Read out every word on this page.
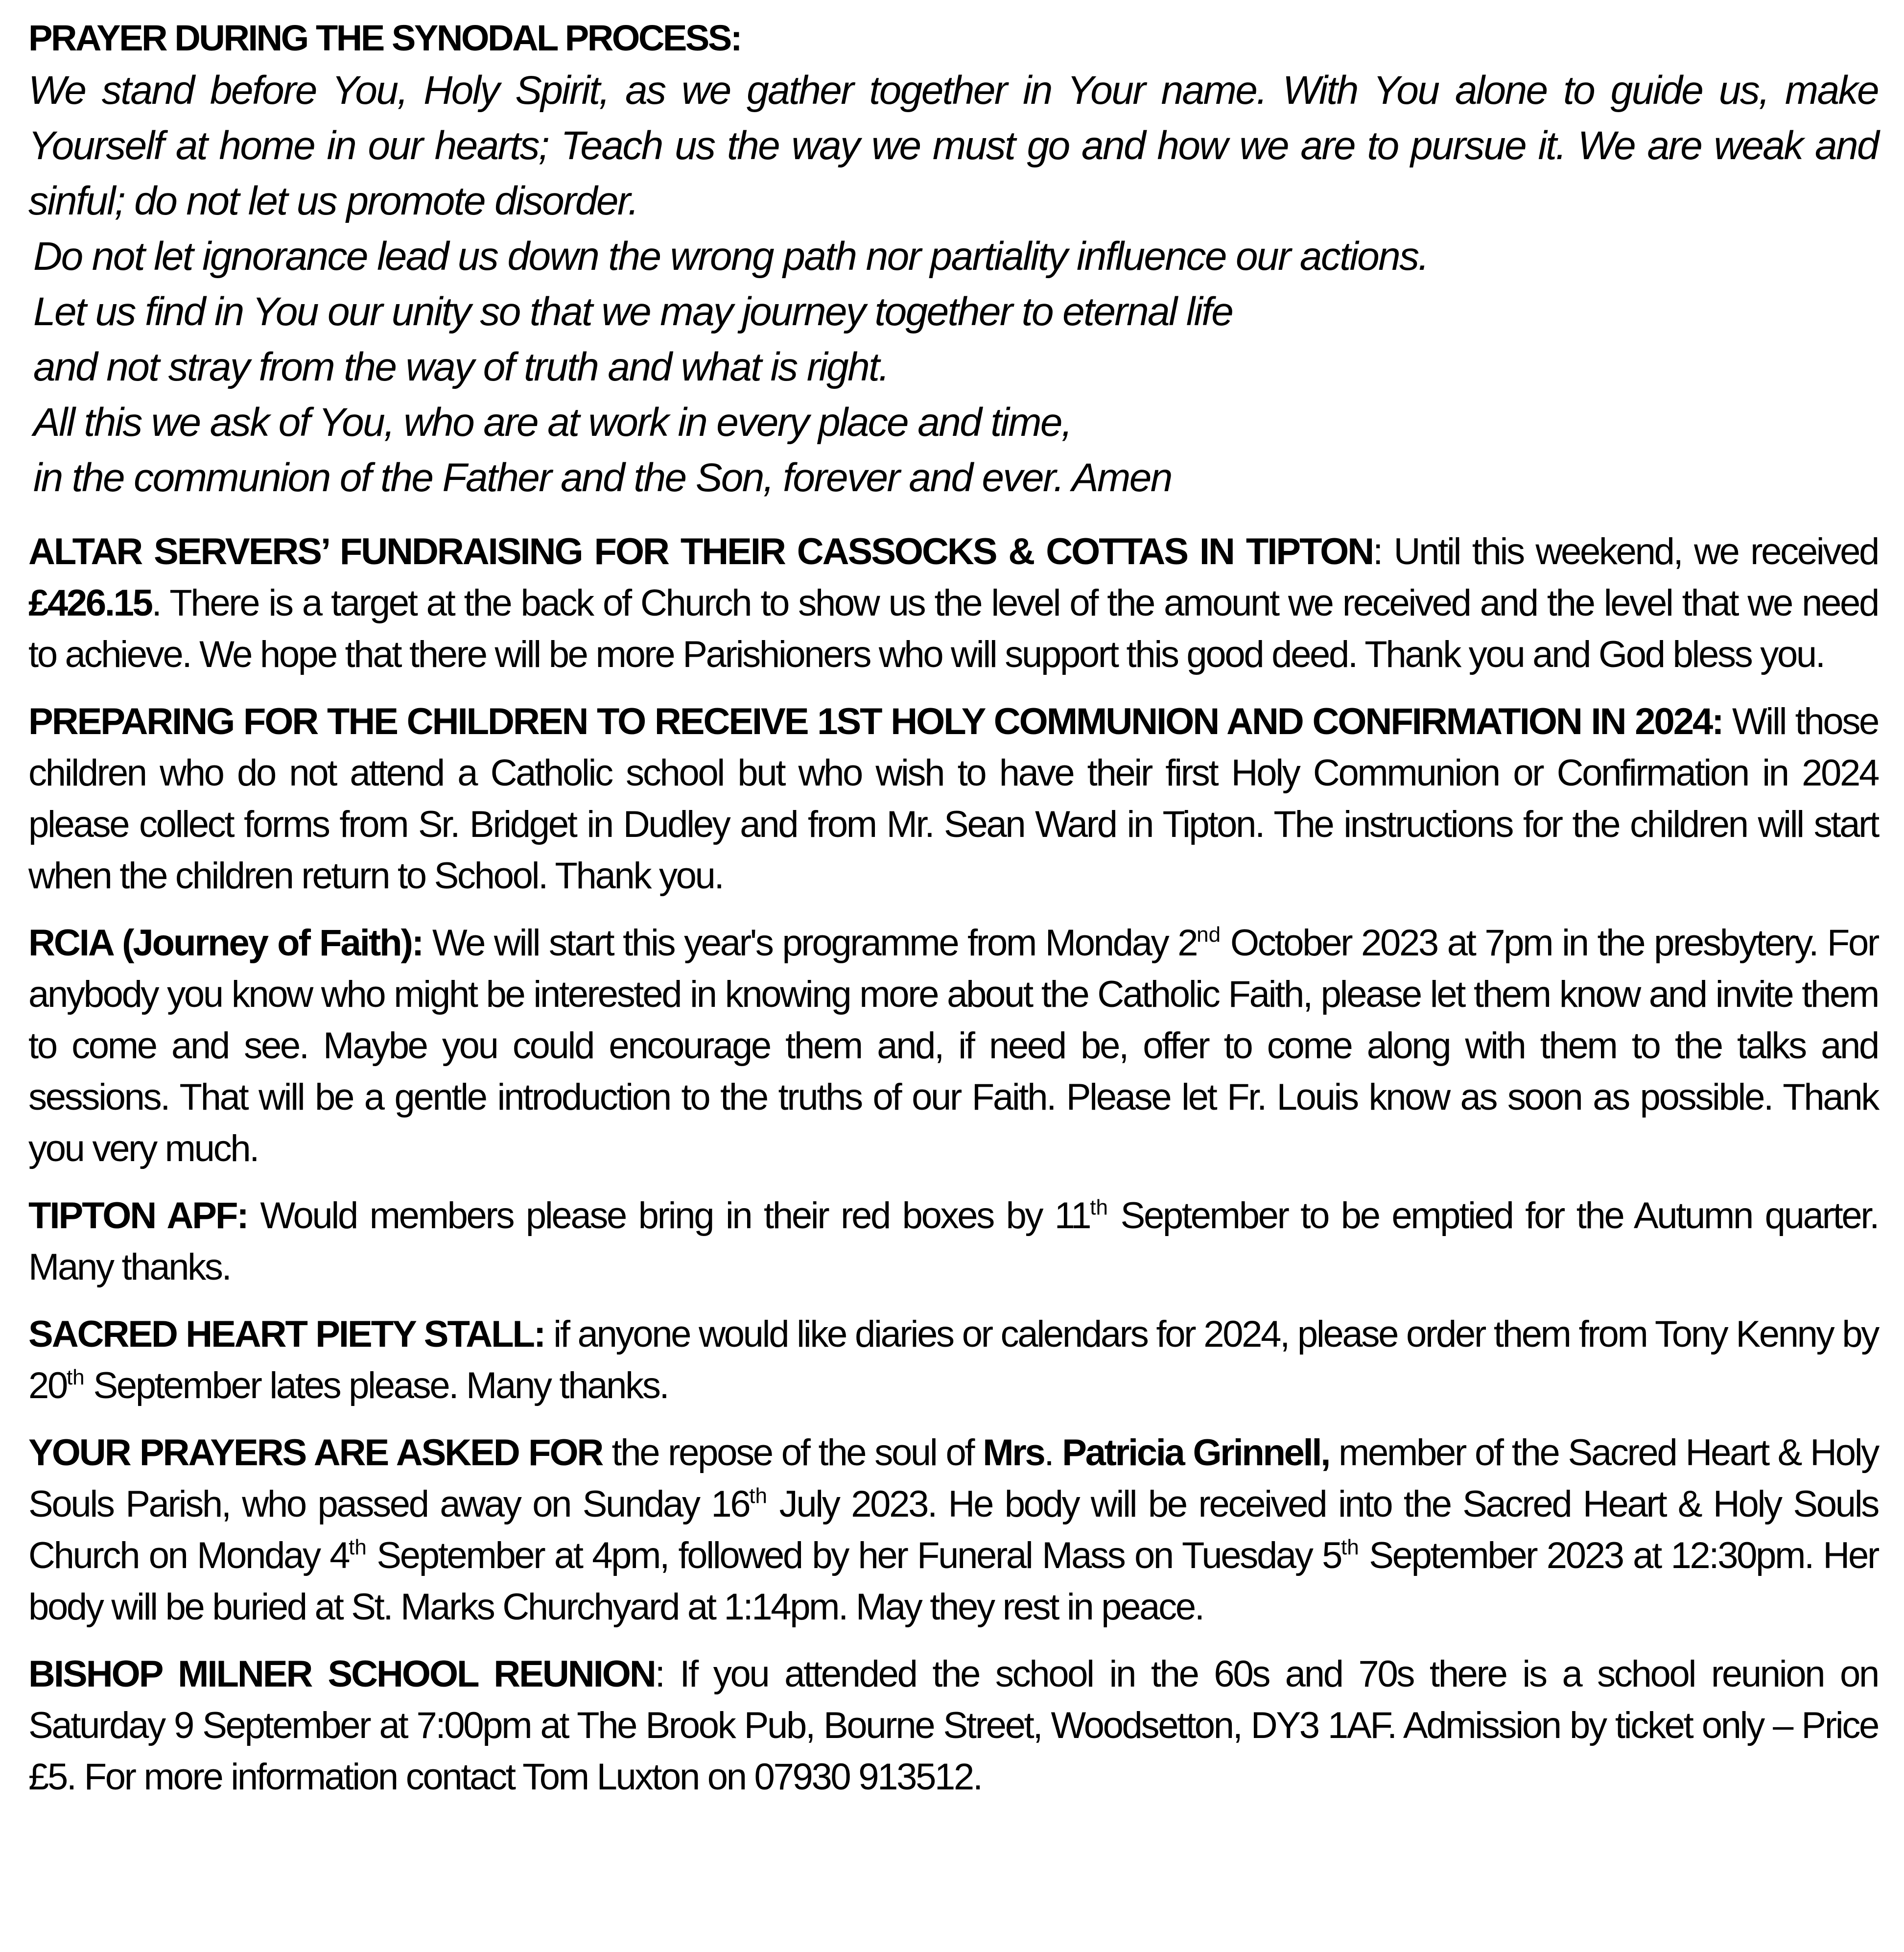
PRAYER DURING THE SYNODAL PROCESS:

We stand before You, Holy Spirit, as we gather together in Your name. With You alone to guide us, make Yourself at home in our hearts; Teach us the way we must go and how we are to pursue it. We are weak and sinful; do not let us promote disorder.

Do not let ignorance lead us down the wrong path nor partiality influence our actions.

Let us find in You our unity so that we may journey together to eternal life

and not stray from the way of truth and what is right.

All this we ask of You, who are at work in every place and time,

in the communion of the Father and the Son, forever and ever. Amen

ALTAR SERVERS’ FUNDRAISING FOR THEIR CASSOCKS & COTTAS IN TIPTON: Until this weekend, we received £426.15. There is a target at the back of Church to show us the level of the amount we received and the level that we need to achieve. We hope that there will be more Parishioners who will support this good deed. Thank you and God bless you.

PREPARING FOR THE CHILDREN TO RECEIVE 1ST HOLY COMMUNION AND CONFIRMATION IN 2024: Will those children who do not attend a Catholic school but who wish to have their first Holy Communion or Confirmation in 2024 please collect forms from Sr. Bridget in Dudley and from Mr. Sean Ward in Tipton. The instructions for the children will start when the children return to School. Thank you.

RCIA (Journey of Faith): We will start this year's programme from Monday 2nd October 2023 at 7pm in the presbytery. For anybody you know who might be interested in knowing more about the Catholic Faith, please let them know and invite them to come and see. Maybe you could encourage them and, if need be, offer to come along with them to the talks and sessions. That will be a gentle introduction to the truths of our Faith. Please let Fr. Louis know as soon as possible. Thank you very much.

TIPTON APF: Would members please bring in their red boxes by 11th September to be emptied for the Autumn quarter. Many thanks.

SACRED HEART PIETY STALL: if anyone would like diaries or calendars for 2024, please order them from Tony Kenny by 20th September lates please. Many thanks.

YOUR PRAYERS ARE ASKED FOR the repose of the soul of Mrs. Patricia Grinnell, member of the Sacred Heart & Holy Souls Parish, who passed away on Sunday 16th July 2023. He body will be received into the Sacred Heart & Holy Souls Church on Monday 4th September at 4pm, followed by her Funeral Mass on Tuesday 5th September 2023 at 12:30pm. Her body will be buried at St. Marks Churchyard at 1:14pm. May they rest in peace.

BISHOP MILNER SCHOOL REUNION: If you attended the school in the 60s and 70s there is a school reunion on Saturday 9 September at 7:00pm at The Brook Pub, Bourne Street, Woodsetton, DY3 1AF. Admission by ticket only – Price £5. For more information contact Tom Luxton on 07930 913512.
